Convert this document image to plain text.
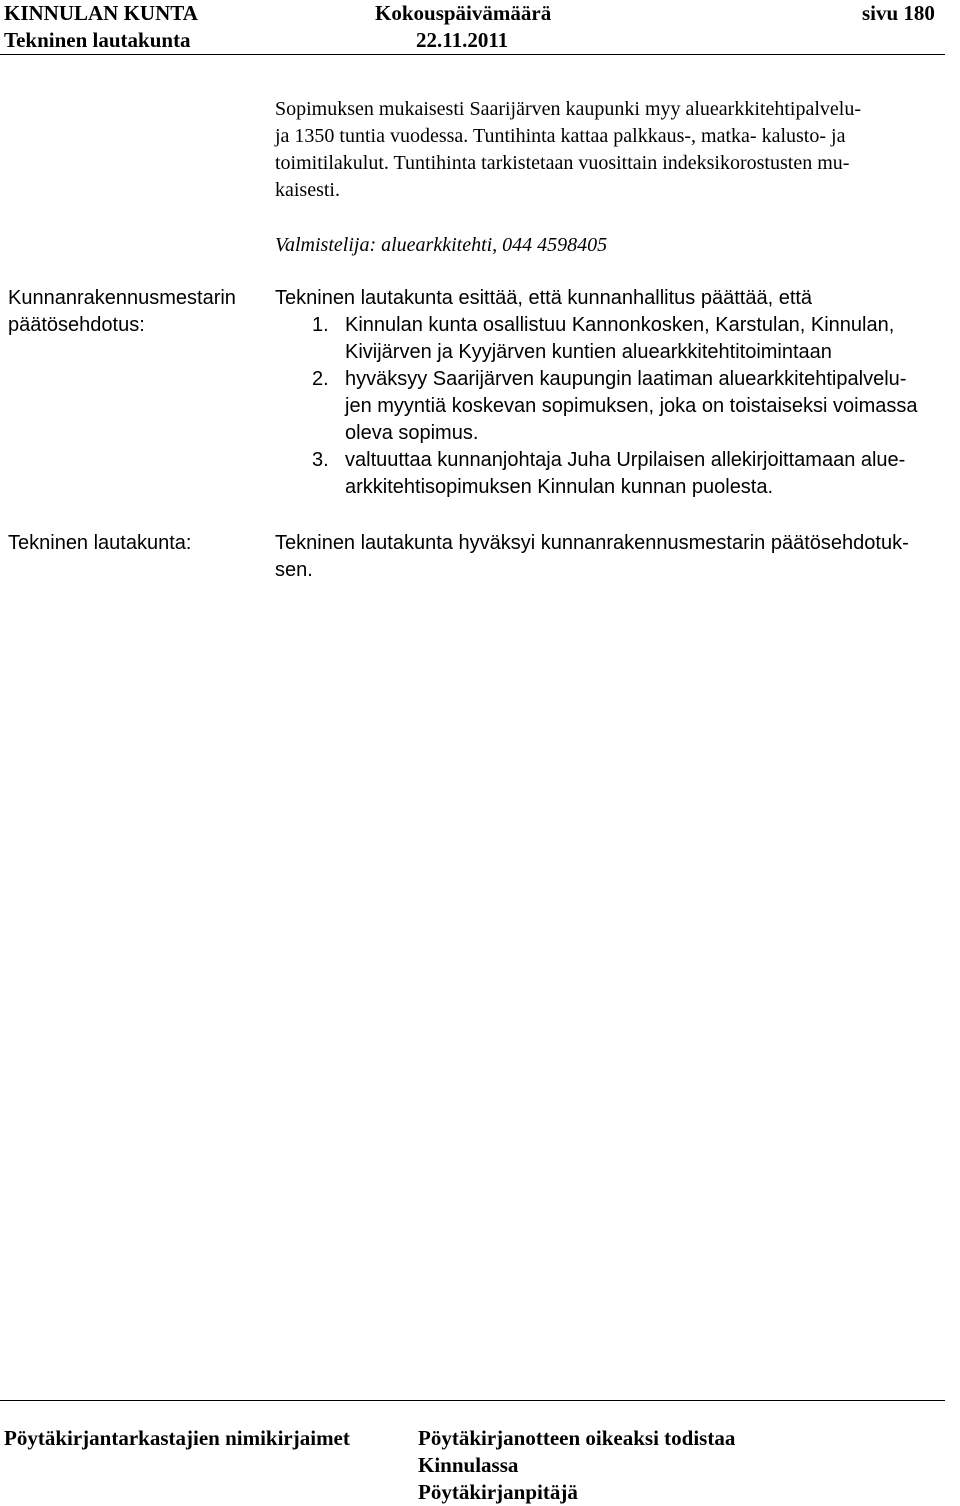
KINNULAN KUNTA	Kokouspäivämäärä	sivu 180
Tekninen lautakunta	22.11.2011
Sopimuksen mukaisesti Saarijärven kaupunki myy aluearkkitehtipalvelu-
ja 1350 tuntia vuodessa. Tuntihinta kattaa palkkaus-, matka- kalusto- ja
toimitilakulut. Tuntihinta tarkistetaan vuosittain indeksikorostusten mu-
kaisesti.
Valmistelija: aluearkkitehti, 044 4598405
Kunnanrakennusmestarin
päätösehdotus:
Tekninen lautakunta esittää, että kunnanhallitus päättää, että
1. Kinnulan kunta osallistuu Kannonkosken, Karstulan, Kinnulan,
Kivijärven ja Kyyjärven kuntien aluearkkitehtitoimintaan
2. hyväksyy Saarijärven kaupungin laatiman aluearkkitehtipalvelu-
jen myyntiä koskevan sopimuksen, joka on toistaiseksi voimassa
oleva sopimus.
3. valtuuttaa kunnanjohtaja Juha Urpilaisen allekirjoittamaan alue-
arkkitehtisopimuksen Kinnulan kunnan puolesta.
Tekninen lautakunta:	Tekninen lautakunta hyväksyi kunnanrakennusmestarin päätösehdotuk-
sen.
Pöytäkirjantarkastajien nimikirjaimet	Pöytäkirjanotteen oikeaksi todistaa
Kinnulassa
Pöytäkirjanpitäjä
